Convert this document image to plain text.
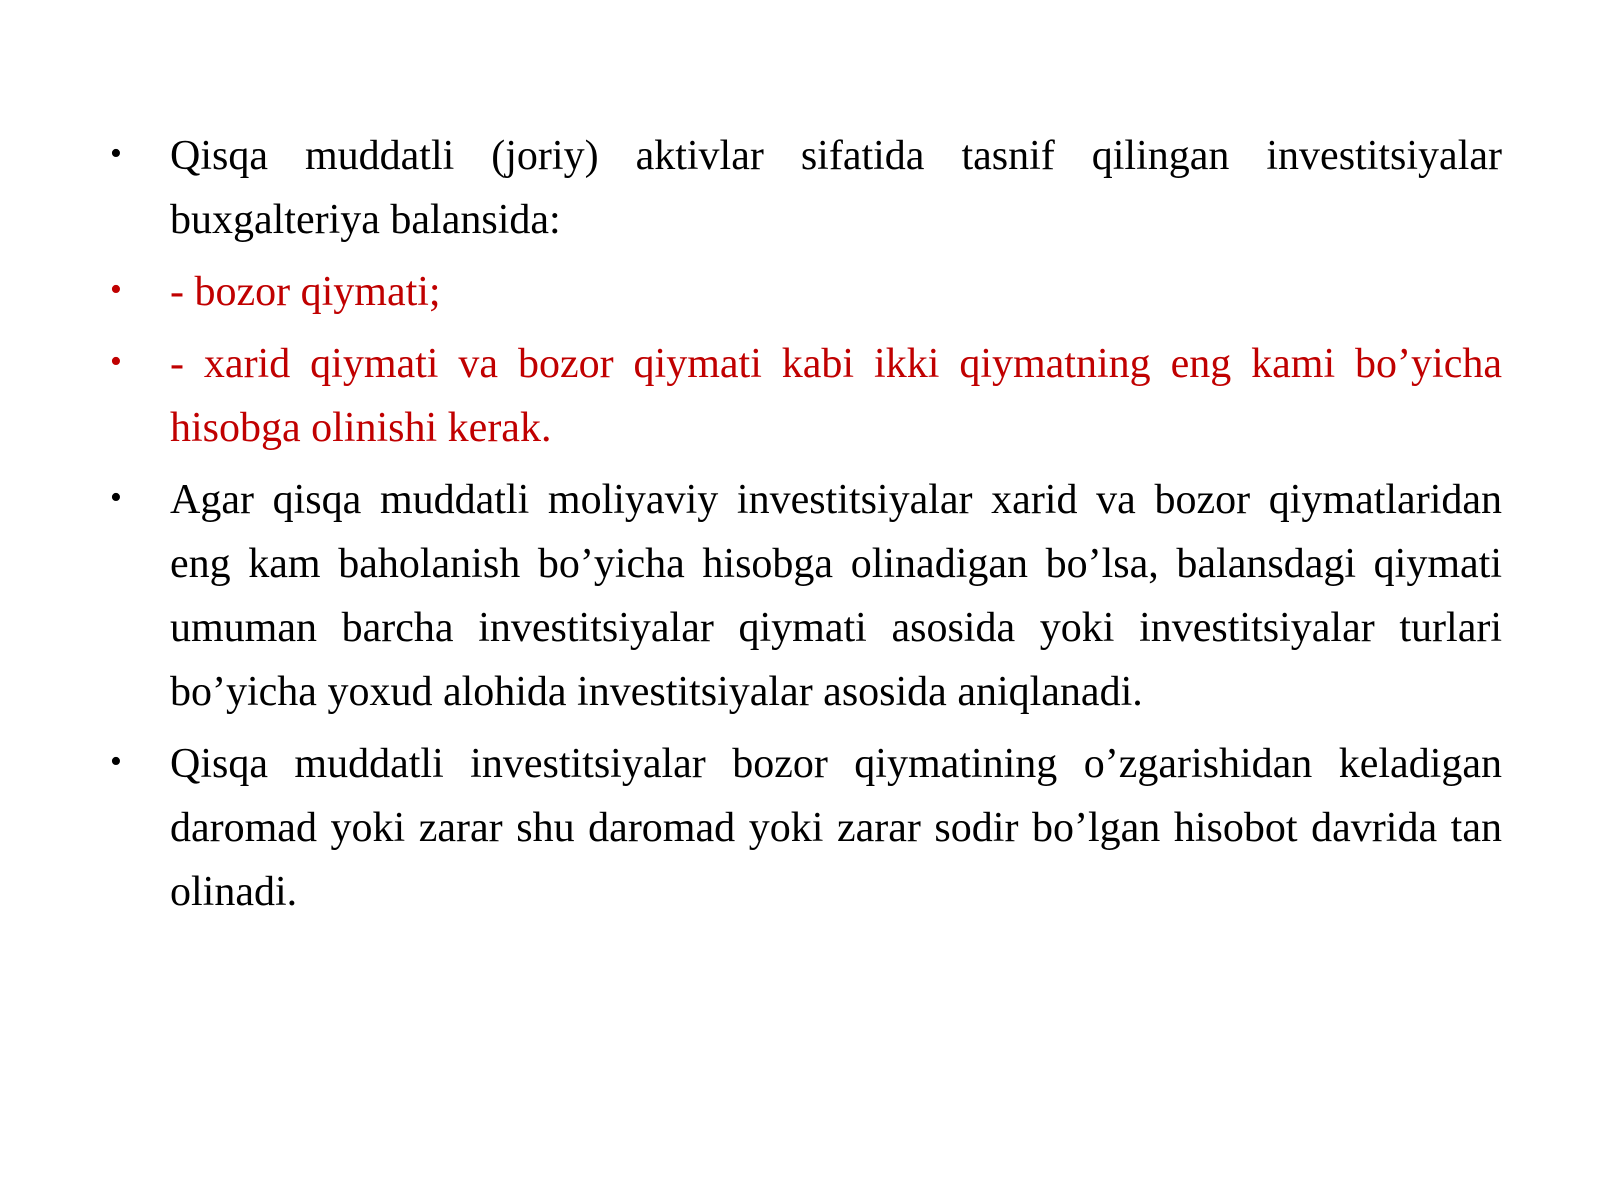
• Qisqa muddatli (joriy) aktivlar sifatida tasnif qilingan investitsiyalar buxgalteriya balansida:
• - bozor qiymati;
• - xarid qiymati va bozor qiymati kabi ikki qiymatning eng kami bo’yicha hisobga olinishi kerak.
• Agar qisqa muddatli moliyaviy investitsiyalar xarid va bozor qiymatlaridan eng kam baholanish bo’yicha hisobga olinadigan bo’lsa, balansdagi qiymati umuman barcha investitsiyalar qiymati asosida yoki investitsiyalar turlari bo’yicha yoxud alohida investitsiyalar asosida aniqlanadi.
• Qisqa muddatli investitsiyalar bozor qiymatining o’zgarishidan keladigan daromad yoki zarar shu daromad yoki zarar sodir bo’lgan hisobot davrida tan olinadi.
